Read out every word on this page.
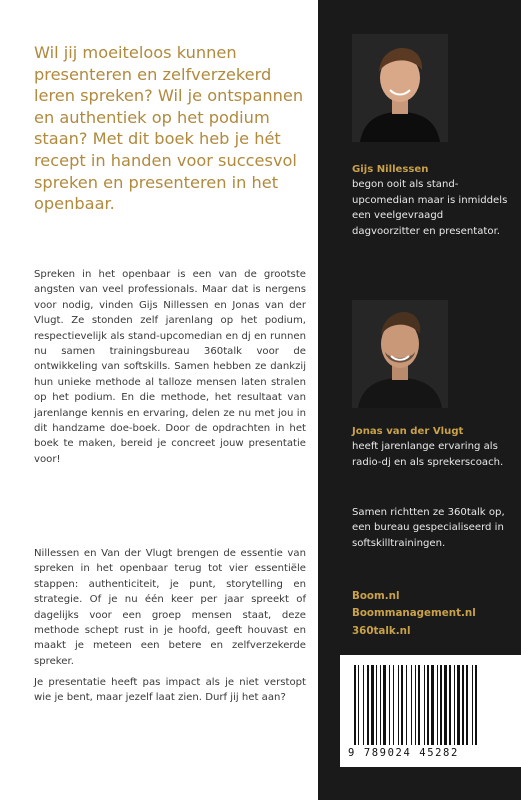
Wil jij moeiteloos kunnen presenteren en zelfverzekerd leren spreken? Wil je ontspannen en authentiek op het podium staan? Met dit boek heb je hét recept in handen voor succesvol spreken en presenteren in het openbaar.

Spreken in het openbaar is een van de grootste angsten van veel professionals. Maar dat is nergens voor nodig, vinden Gijs Nillessen en Jonas van der Vlugt. Ze stonden zelf jarenlang op het podium, respectievelijk als stand-upcomedian en dj en runnen nu samen trainingsbureau 360talk voor de ontwikkeling van softskills. Samen hebben ze dankzij hun unieke methode al talloze mensen laten stralen op het podium. En die methode, het resultaat van jarenlange kennis en ervaring, delen ze nu met jou in dit handzame doe-boek. Door de opdrachten in het boek te maken, bereid je concreet jouw presentatie voor!

Nillessen en Van der Vlugt brengen de essentie van spreken in het openbaar terug tot vier essentiële stappen: authenticiteit, je punt, storytelling en strategie. Of je nu één keer per jaar spreekt of dagelijks voor een groep mensen staat, deze methode schept rust in je hoofd, geeft houvast en maakt je meteen een betere en zelfverzekerde spreker.

Je presentatie heeft pas impact als je niet verstopt wie je bent, maar jezelf laat zien. Durf jij het aan?

Gijs Nillessen
begon ooit als stand-upcomedian maar is inmiddels een veelgevraagd dagvoorzitter en presentator.

Jonas van der Vlugt
heeft jarenlange ervaring als radio-dj en als sprekerscoach.

Samen richtten ze 360talk op, een bureau gespecialiseerd in softskilltrainingen.

Boom.nl
Boommanagement.nl
360talk.nl
9 789024 45282
